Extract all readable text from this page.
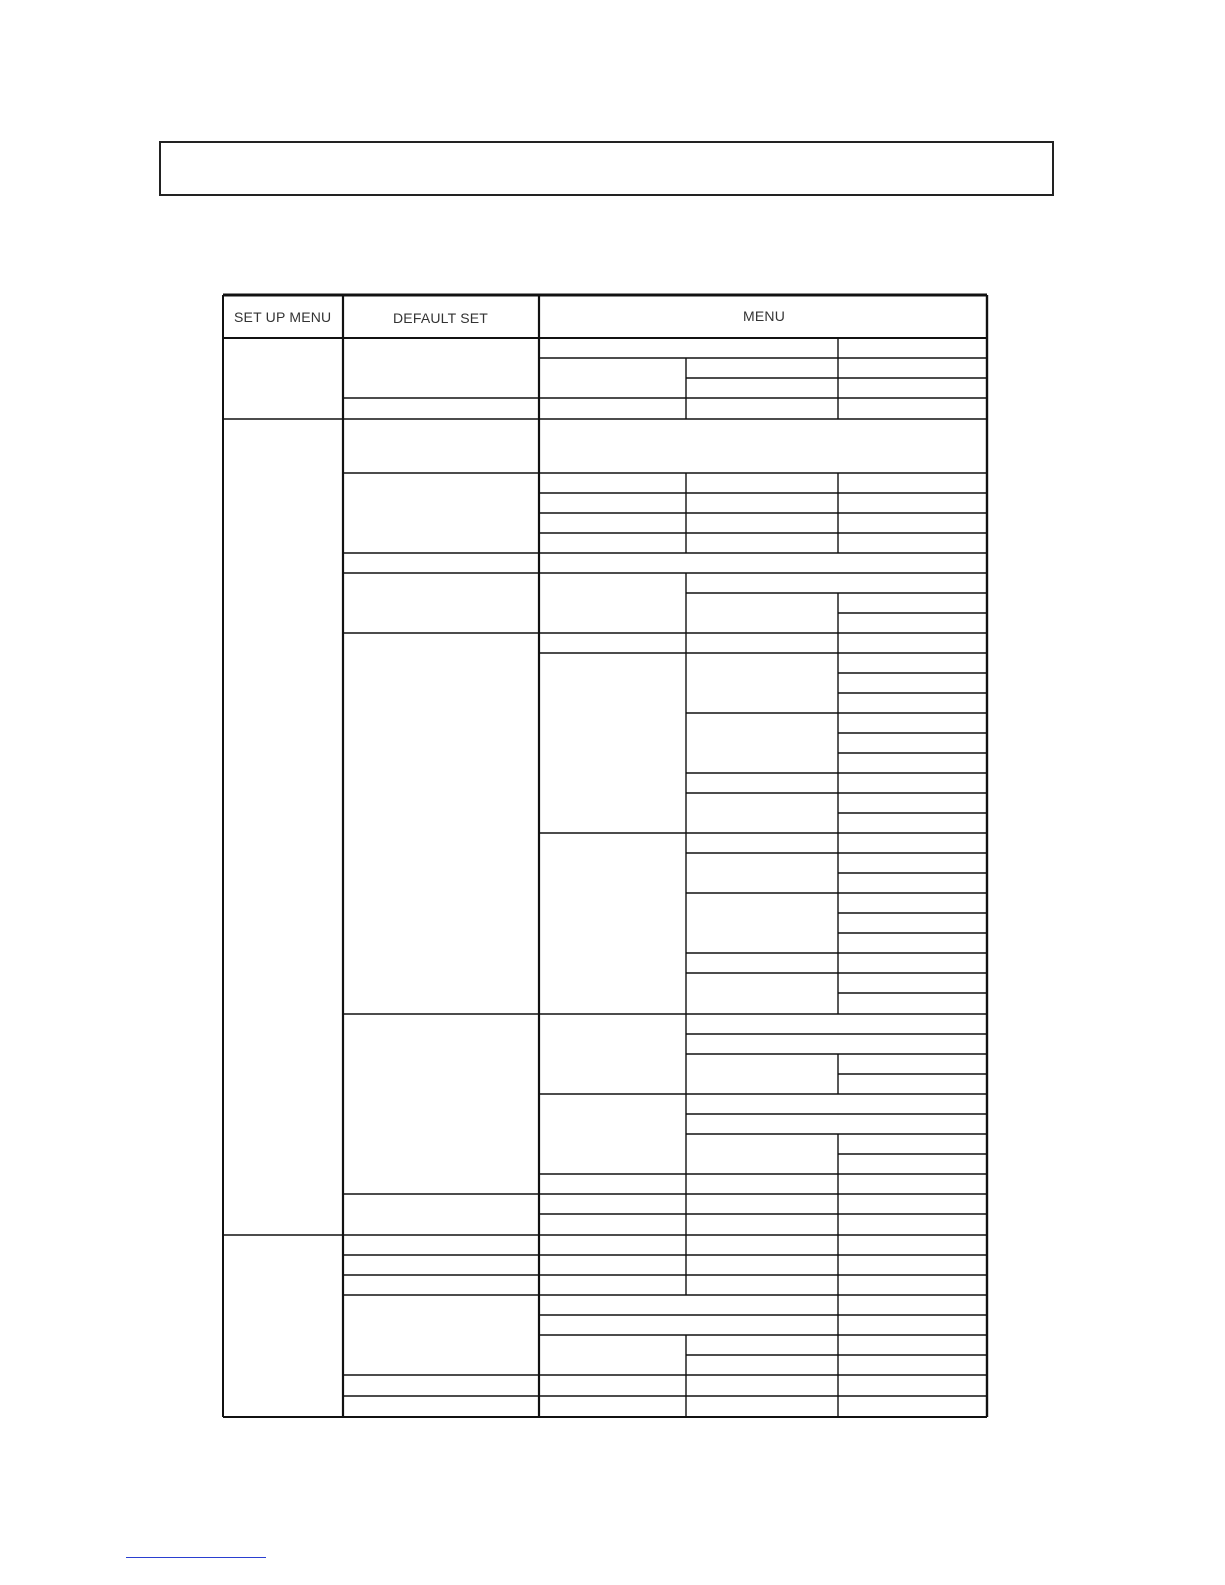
SET UP MENU	DEFAULT SET	MENU
